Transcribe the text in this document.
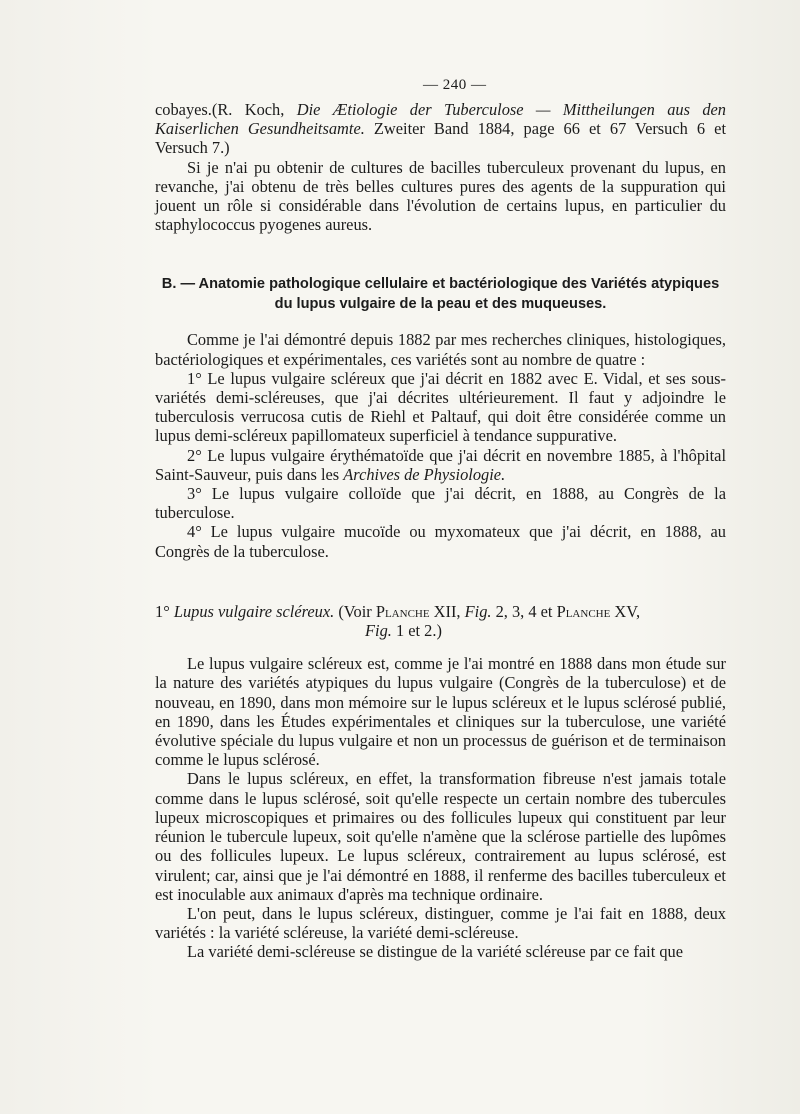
— 240 —

cobayes.(R. Koch, Die Ætiologie der Tuberculose — Mittheilungen aus den Kaiserlichen Gesundheitsamte. Zweiter Band 1884, page 66 et 67 Versuch 6 et Versuch 7.)

Si je n'ai pu obtenir de cultures de bacilles tuberculeux provenant du lupus, en revanche, j'ai obtenu de très belles cultures pures des agents de la suppuration qui jouent un rôle si considérable dans l'évolution de certains lupus, en particulier du staphylococcus pyogenes aureus.

B. — Anatomie pathologique cellulaire et bactériologique des Variétés atypiques du lupus vulgaire de la peau et des muqueuses.

Comme je l'ai démontré depuis 1882 par mes recherches cliniques, histologiques, bactériologiques et expérimentales, ces variétés sont au nombre de quatre :

1° Le lupus vulgaire scléreux que j'ai décrit en 1882 avec E. Vidal, et ses sous-variétés demi-scléreuses, que j'ai décrites ultérieurement. Il faut y adjoindre le tuberculosis verrucosa cutis de Riehl et Paltauf, qui doit être considérée comme un lupus demi-scléreux papillomateux superficiel à tendance suppurative.

2° Le lupus vulgaire érythématoïde que j'ai décrit en novembre 1885, à l'hôpital Saint-Sauveur, puis dans les Archives de Physiologie.

3° Le lupus vulgaire colloïde que j'ai décrit, en 1888, au Congrès de la tuberculose.

4° Le lupus vulgaire mucoïde ou myxomateux que j'ai décrit, en 1888, au Congrès de la tuberculose.

1° Lupus vulgaire scléreux. (Voir Planche XII, Fig. 2, 3, 4 et Planche XV,
Fig. 1 et 2.)

Le lupus vulgaire scléreux est, comme je l'ai montré en 1888 dans mon étude sur la nature des variétés atypiques du lupus vulgaire (Congrès de la tuberculose) et de nouveau, en 1890, dans mon mémoire sur le lupus scléreux et le lupus sclérosé publié, en 1890, dans les Études expérimentales et cliniques sur la tuberculose, une variété évolutive spéciale du lupus vulgaire et non un processus de guérison et de terminaison comme le lupus sclérosé.

Dans le lupus scléreux, en effet, la transformation fibreuse n'est jamais totale comme dans le lupus sclérosé, soit qu'elle respecte un certain nombre des tubercules lupeux microscopiques et primaires ou des follicules lupeux qui constituent par leur réunion le tubercule lupeux, soit qu'elle n'amène que la sclérose partielle des lupômes ou des follicules lupeux. Le lupus scléreux, contrairement au lupus sclérosé, est virulent; car, ainsi que je l'ai démontré en 1888, il renferme des bacilles tuberculeux et est inoculable aux animaux d'après ma technique ordinaire.

L'on peut, dans le lupus scléreux, distinguer, comme je l'ai fait en 1888, deux variétés : la variété scléreuse, la variété demi-scléreuse.

La variété demi-scléreuse se distingue de la variété scléreuse par ce fait que
